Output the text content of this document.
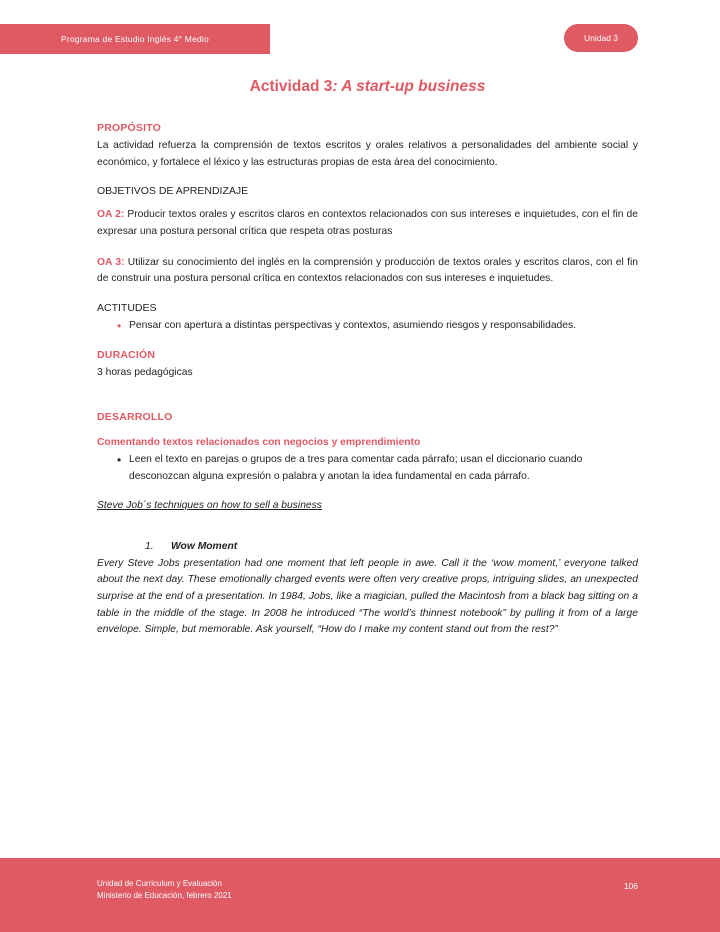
Programa de Estudio Inglés 4° Medio	Unidad 3
Actividad 3: A start-up business
PROPÓSITO

La actividad refuerza la comprensión de textos escritos y orales relativos a personalidades del ambiente social y económico, y fortalece el léxico y las estructuras propias de esta área del conocimiento.

OBJETIVOS DE APRENDIZAJE

OA 2: Producir textos orales y escritos claros en contextos relacionados con sus intereses e inquietudes, con el fin de expresar una postura personal crítica que respeta otras posturas

OA 3: Utilizar su conocimiento del inglés en la comprensión y producción de textos orales y escritos claros, con el fin de construir una postura personal crítica en contextos relacionados con sus intereses e inquietudes.

ACTITUDES
• Pensar con apertura a distintas perspectivas y contextos, asumiendo riesgos y responsabilidades.
DURACIÓN

3 horas pedagógicas

DESARROLLO
Comentando textos relacionados con negocios y emprendimiento
• Leen el texto en parejas o grupos de a tres para comentar cada párrafo; usan el diccionario cuando desconozcan alguna expresión o palabra y anotan la idea fundamental en cada párrafo.

Steve Job´s techniques on how to sell a business

1. Wow Moment

Every Steve Jobs presentation had one moment that left people in awe. Call it the ‘wow moment,’ everyone talked about the next day. These emotionally charged events were often very creative props, intriguing slides, an unexpected surprise at the end of a presentation. In 1984, Jobs, like a magician, pulled the Macintosh from a black bag sitting on a table in the middle of the stage. In 2008 he introduced “The world’s thinnest notebook” by pulling it from of a large envelope. Simple, but memorable. Ask yourself, “How do I make my content stand out from the rest?”

Unidad de Curriculum y Evaluación
Ministerio de Educación, febrero 2021
106
